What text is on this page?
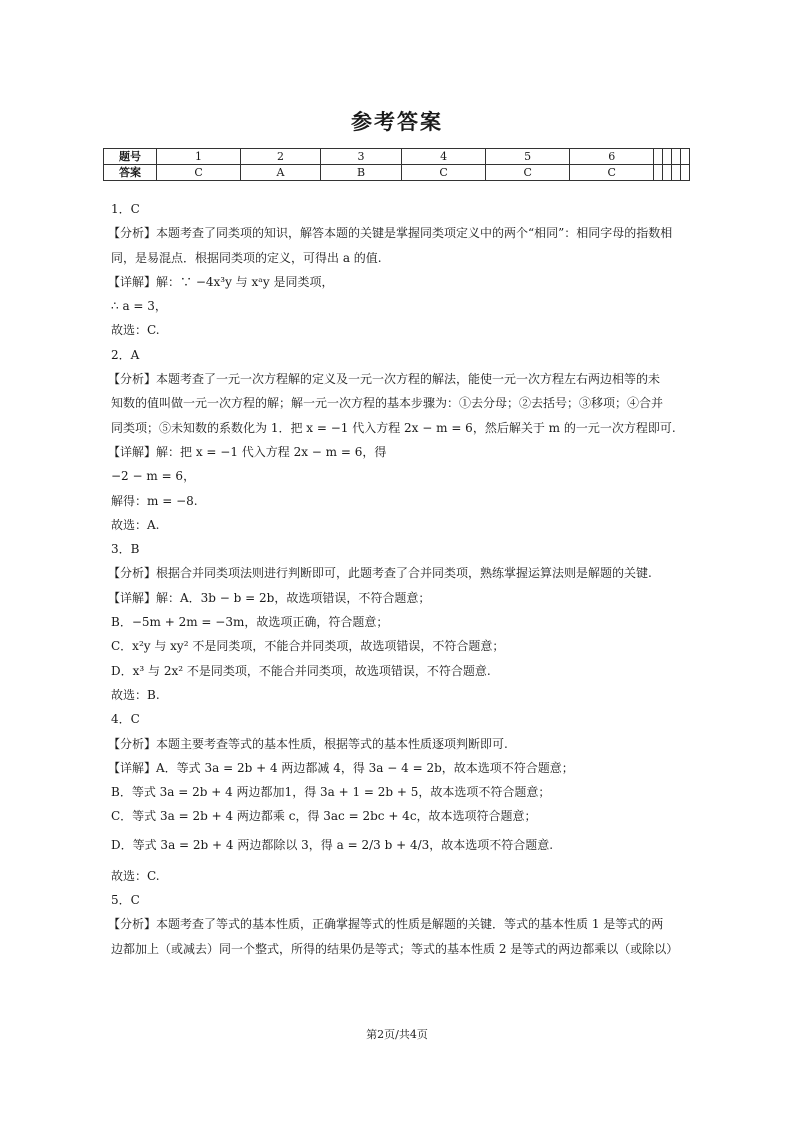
参考答案
题号	1	2	3	4	5	6				
答案	C	A	B	C	C	C				
1．C
【分析】本题考查了同类项的知识，解答本题的关键是掌握同类项定义中的两个“相同”：相同字母的指数相
同，是易混点．根据同类项的定义，可得出 a 的值.
【详解】解：∵ −4x³y 与 xᵃy 是同类项，
∴ a = 3，
故选：C.
2．A
【分析】本题考查了一元一次方程解的定义及一元一次方程的解法，能使一元一次方程左右两边相等的未
知数的值叫做一元一次方程的解；解一元一次方程的基本步骤为：①去分母；②去括号；③移项；④合并
同类项；⑤未知数的系数化为 1．把 x = −1 代入方程 2x − m = 6，然后解关于 m 的一元一次方程即可.
【详解】解：把 x = −1 代入方程 2x − m = 6，得
−2 − m = 6，
解得：m = −8.
故选：A.
3．B
【分析】根据合并同类项法则进行判断即可，此题考查了合并同类项，熟练掌握运算法则是解题的关键.
【详解】解：A．3b − b = 2b，故选项错误，不符合题意；
B．−5m + 2m = −3m，故选项正确，符合题意；
C．x²y 与 xy² 不是同类项，不能合并同类项，故选项错误，不符合题意；
D．x³ 与 2x² 不是同类项，不能合并同类项，故选项错误，不符合题意.
故选：B.
4．C
【分析】本题主要考查等式的基本性质，根据等式的基本性质逐项判断即可.
【详解】A．等式 3a = 2b + 4 两边都减 4，得 3a − 4 = 2b，故本选项不符合题意；
B．等式 3a = 2b + 4 两边都加1，得 3a + 1 = 2b + 5，故本选项不符合题意；
C．等式 3a = 2b + 4 两边都乘 c，得 3ac = 2bc + 4c，故本选项符合题意；
D．等式 3a = 2b + 4 两边都除以 3，得 a = 2/3 b + 4/3，故本选项不符合题意.
故选：C.
5．C
【分析】本题考查了等式的基本性质，正确掌握等式的性质是解题的关键．等式的基本性质 1 是等式的两
边都加上（或减去）同一个整式，所得的结果仍是等式；等式的基本性质 2 是等式的两边都乘以（或除以）
第2页/共4页
